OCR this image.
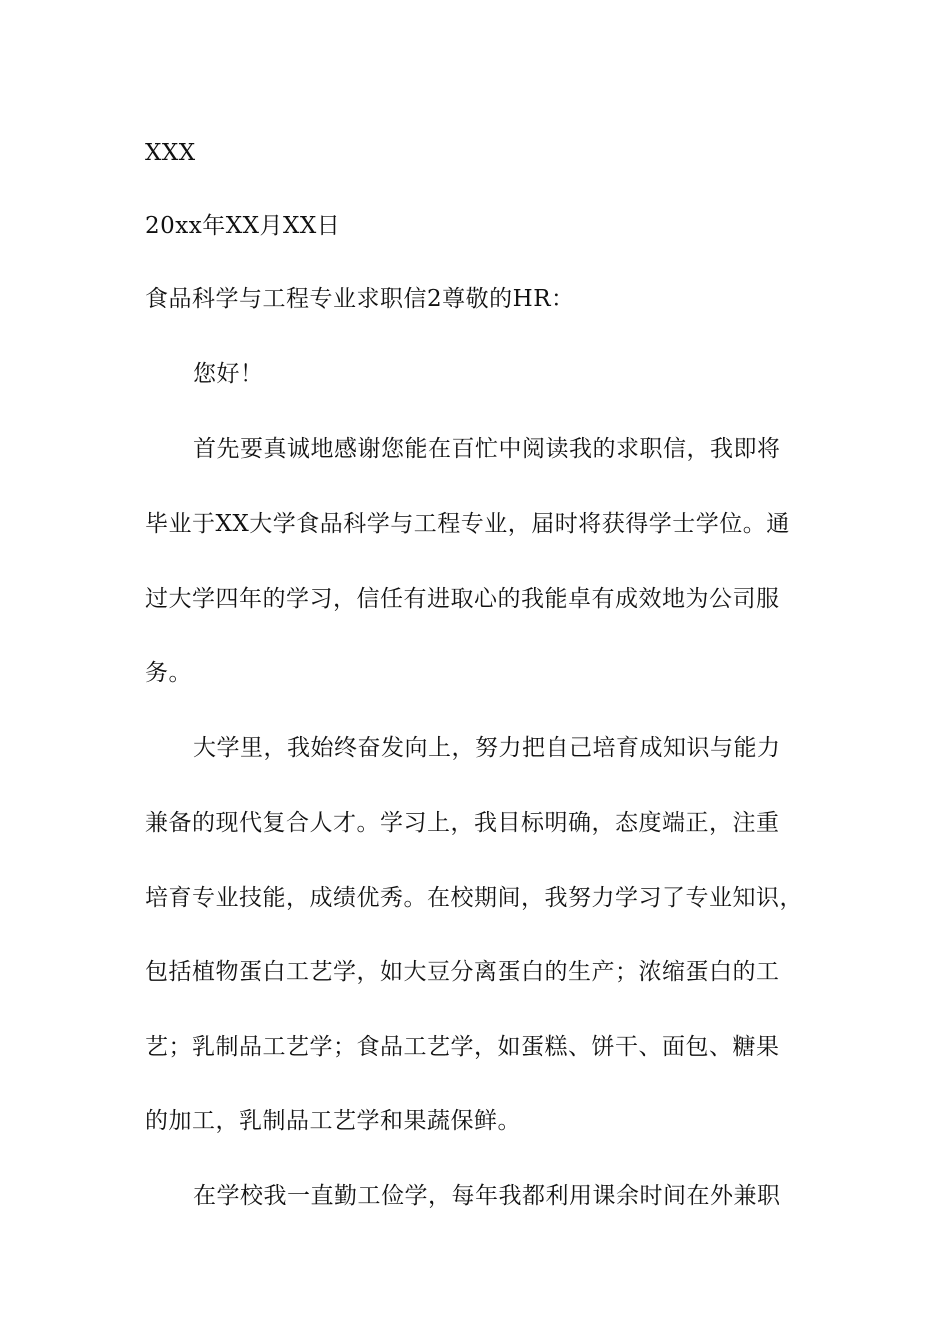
XXX
20xx年XX月XX日
食品科学与工程专业求职信2尊敬的HR：
您好！
首先要真诚地感谢您能在百忙中阅读我的求职信，我即将
毕业于XX大学食品科学与工程专业，届时将获得学士学位。通
过大学四年的学习，信任有进取心的我能卓有成效地为公司服
务。
大学里，我始终奋发向上，努力把自己培育成知识与能力
兼备的现代复合人才。学习上，我目标明确，态度端正，注重
培育专业技能，成绩优秀。在校期间，我努力学习了专业知识，
包括植物蛋白工艺学，如大豆分离蛋白的生产；浓缩蛋白的工
艺；乳制品工艺学；食品工艺学，如蛋糕、饼干、面包、糖果
的加工，乳制品工艺学和果蔬保鲜。
在学校我一直勤工俭学，每年我都利用课余时间在外兼职
